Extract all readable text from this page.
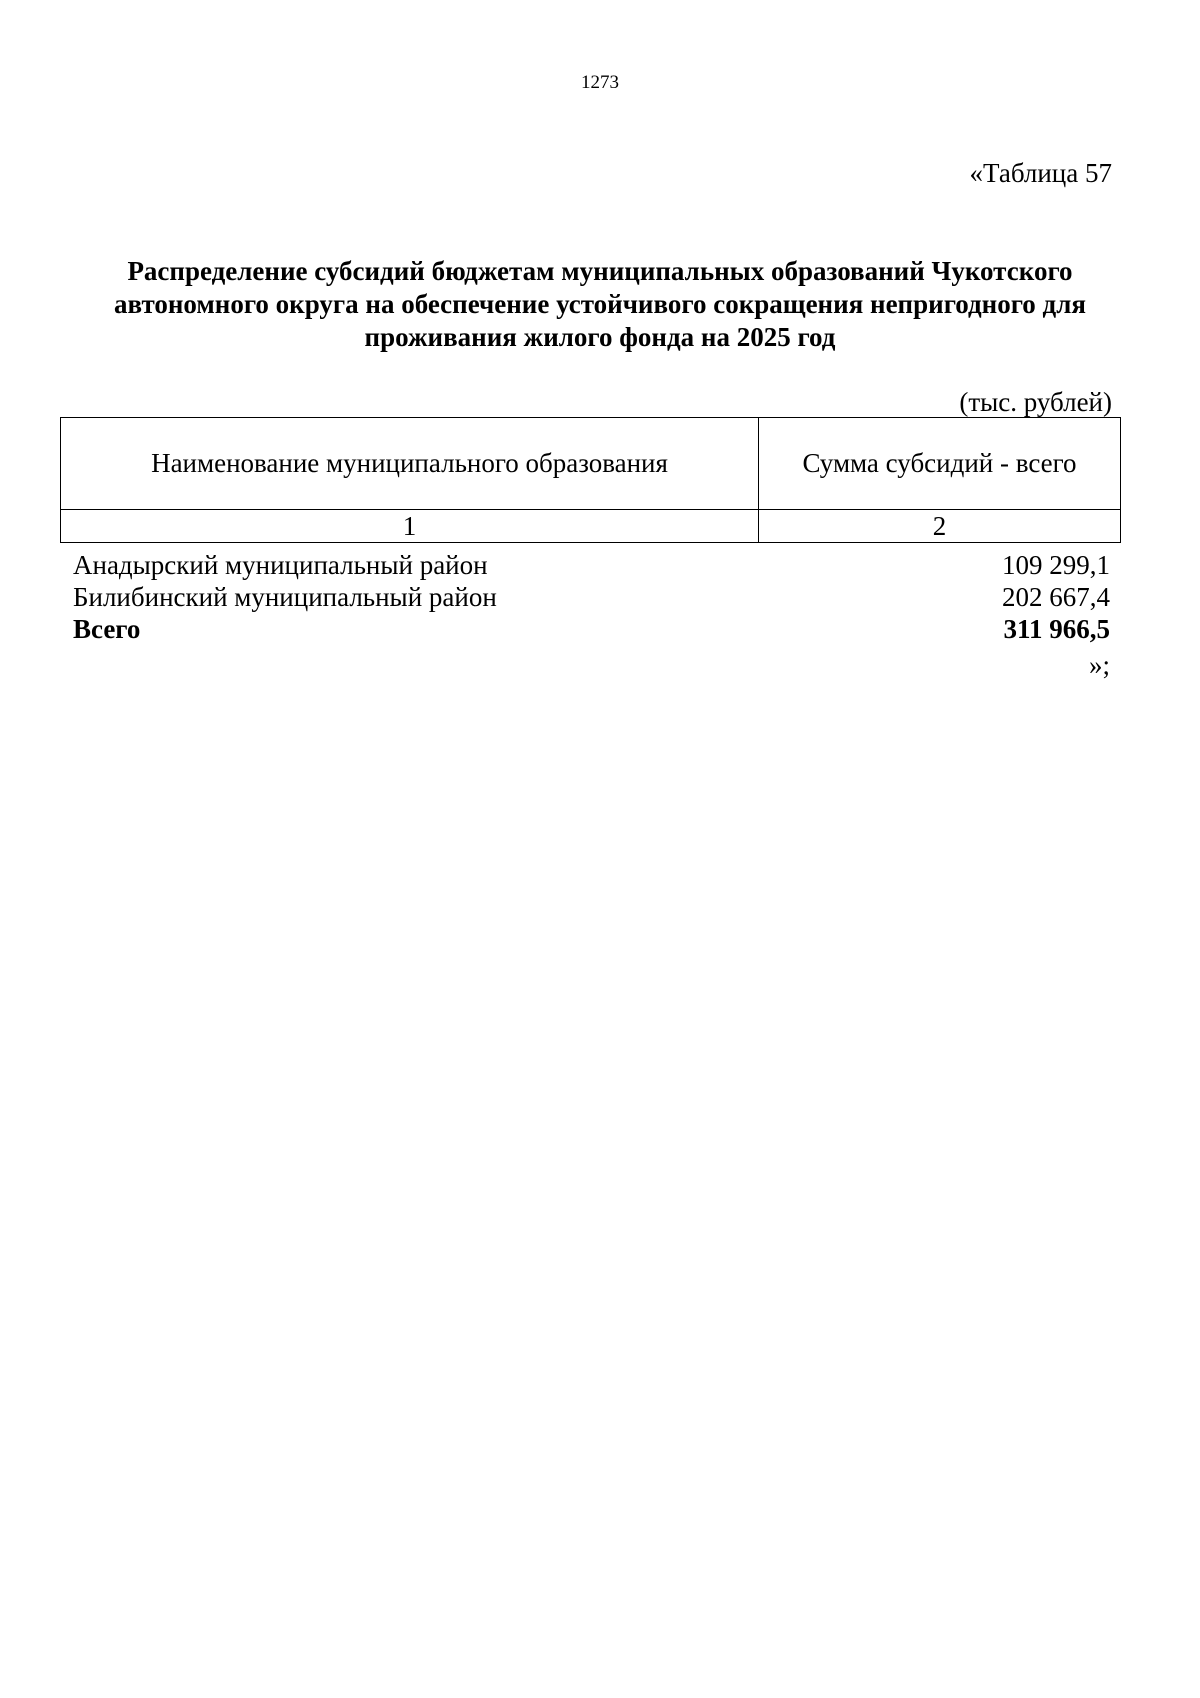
1273
«Таблица 57
Распределение субсидий бюджетам муниципальных образований Чукотского автономного округа на обеспечение устойчивого сокращения непригодного для проживания жилого фонда на 2025 год
(тыс. рублей)
Наименование муниципального образования	Сумма субсидий - всего
1	2
Анадырский муниципальный район	109 299,1
Билибинский муниципальный район	202 667,4
Всего	311 966,5
»;
